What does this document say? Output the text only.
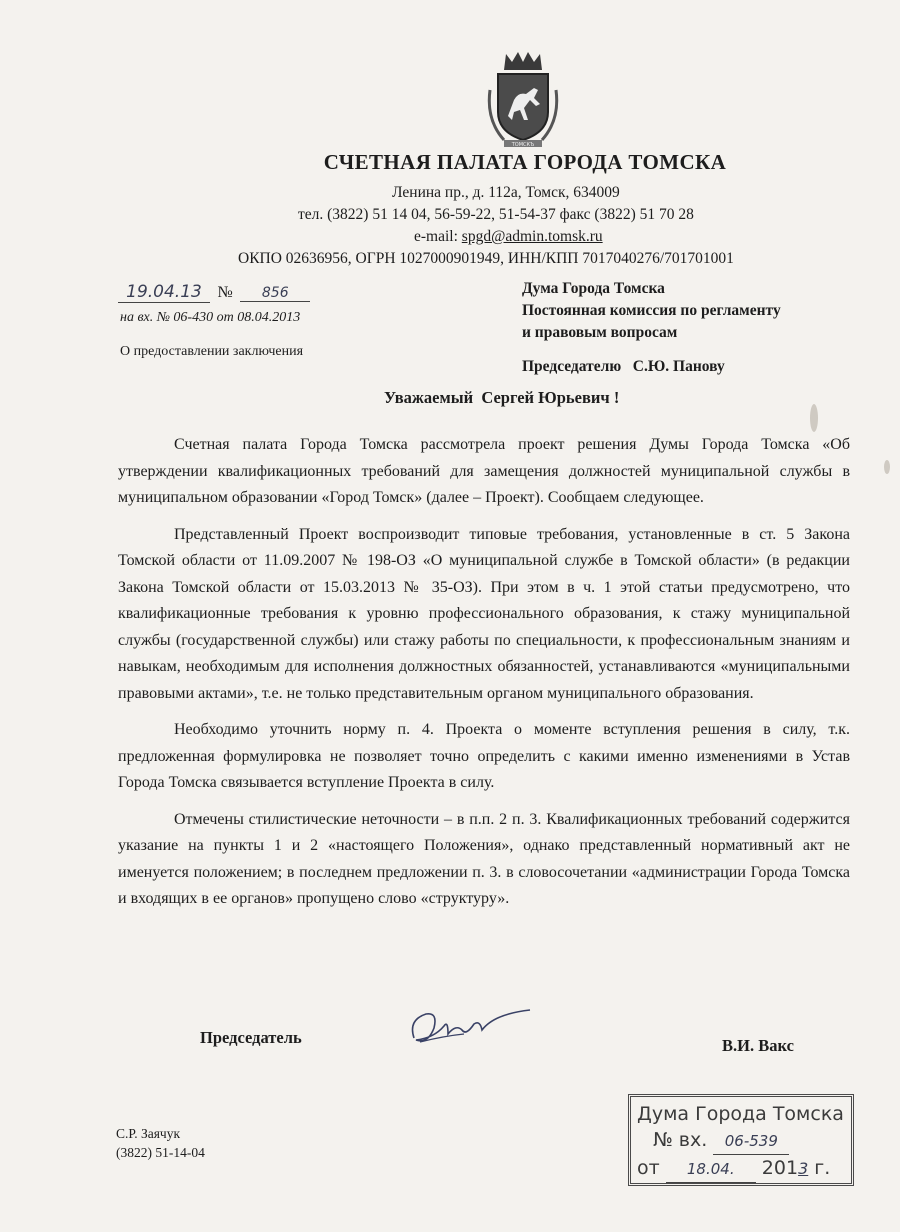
ТОМСКЪ
СЧЕТНАЯ ПАЛАТА ГОРОДА ТОМСКА
Ленина пр., д. 112а, Томск, 634009
тел. (3822) 51 14 04, 56-59-22, 51-54-37 факс (3822) 51 70 28
e-mail: spgd@admin.tomsk.ru
ОКПО 02636956, ОГРН 1027000901949, ИНН/КПП 7017040276/701701001
19.04.13 № 856
на вх. № 06-430 от 08.04.2013
О предоставлении заключения
Дума Города Томска
Постоянная комиссия по регламенту
и правовым вопросам
Председателю   С.Ю. Панову
Уважаемый  Сергей Юрьевич !

Счетная палата Города Томска рассмотрела проект решения Думы Города Томска «Об утверждении квалификационных требований для замещения должностей муниципальной службы в муниципальном образовании «Город Томск» (далее – Проект). Сообщаем следующее.

Представленный Проект воспроизводит типовые требования, установленные в ст. 5 Закона Томской области от 11.09.2007 № 198-ОЗ «О муниципальной службе в Томской области» (в редакции Закона Томской области от 15.03.2013 № 35-ОЗ). При этом в ч. 1 этой статьи предусмотрено, что квалификационные требования к уровню профессионального образования, к стажу муниципальной службы (государственной службы) или стажу работы по специальности, к профессиональным знаниям и навыкам, необходимым для исполнения должностных обязанностей, устанавливаются «муниципальными правовыми актами», т.е. не только представительным органом муниципального образования.

Необходимо уточнить норму п. 4. Проекта о моменте вступления решения в силу, т.к. предложенная формулировка не позволяет точно определить с какими именно изменениями в Устав Города Томска связывается вступление Проекта в силу.

Отмечены стилистические неточности – в п.п. 2 п. 3. Квалификационных требований содержится указание на пункты 1 и 2 «настоящего Положения», однако представленный нормативный акт не именуется положением; в последнем предложении п. 3. в словосочетании «администрации Города Томска и входящих в ее органов» пропущено слово «структуру».

Председатель	В.И. Вакс
С.Р. Заячук
(3822) 51-14-04
Дума Города Томска
№ вх. 06-539
от 18.04. 2013 г.
